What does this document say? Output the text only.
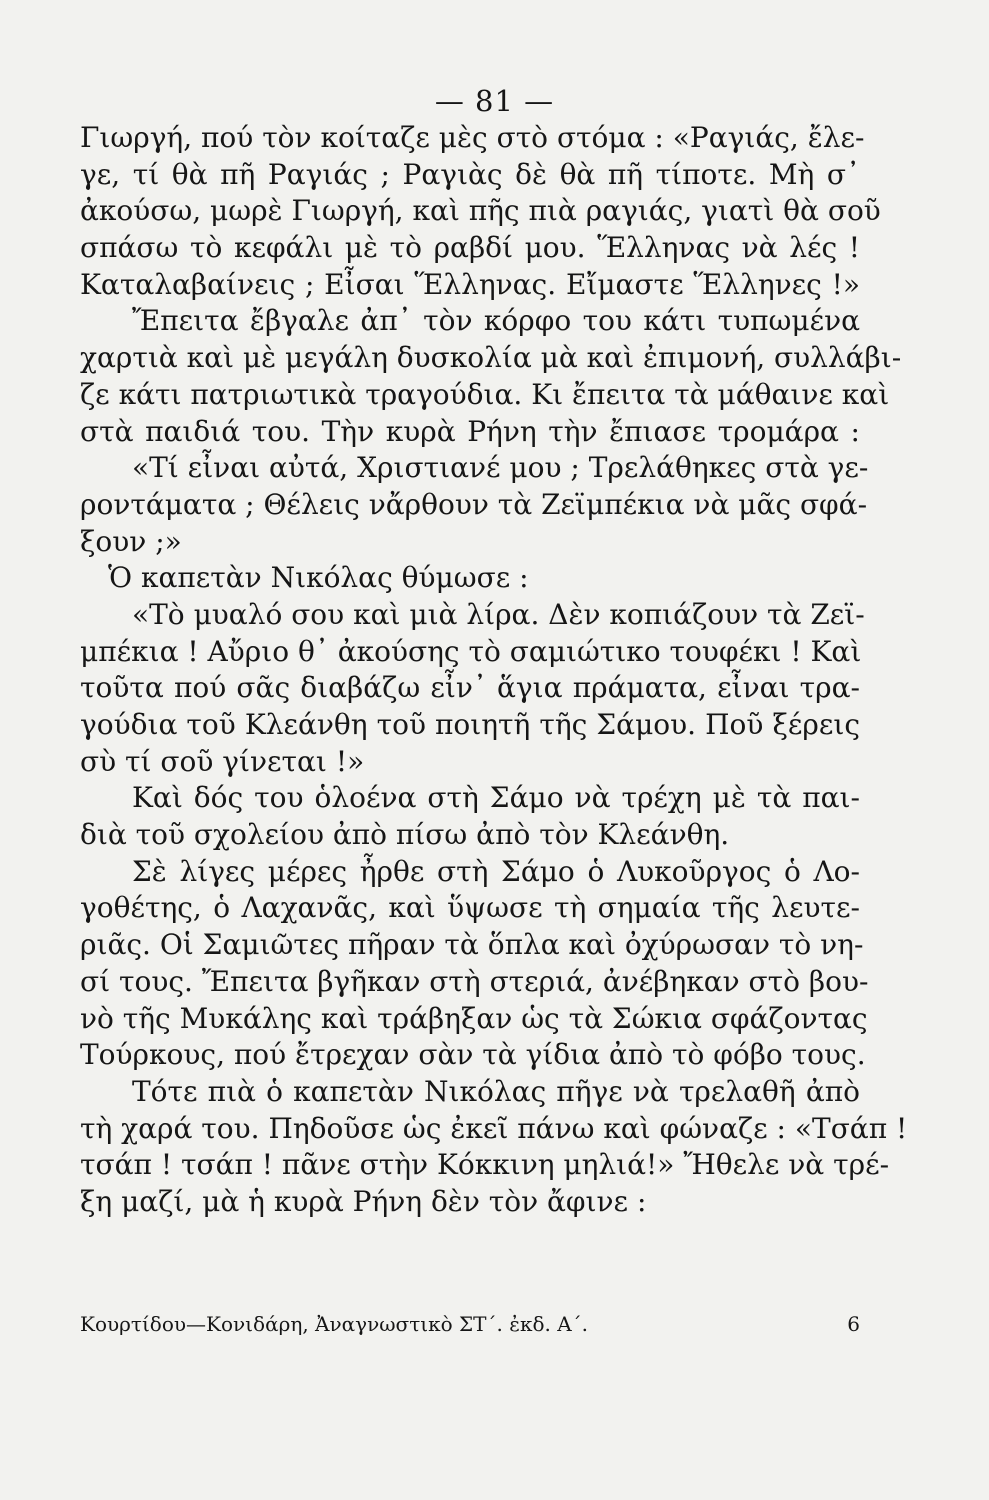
— 81 —
Γιωργή, πού τὸν κοίταζε μὲς στὸ στόμα : «Ραγιάς, ἔλε-
γε, τί θὰ πῆ Ραγιάς ; Ραγιὰς δὲ θὰ πῆ τίποτε. Μὴ σ᾽
ἀκούσω, μωρὲ Γιωργή, καὶ πῆς πιὰ ραγιάς, γιατὶ θὰ σοῦ
σπάσω τὸ κεφάλι μὲ τὸ ραβδί μου. Ἕλληνας νὰ λές !
Καταλαβαίνεις ; Εἶσαι Ἕλληνας. Εἴμαστε Ἕλληνες !»
Ἔπειτα ἔβγαλε ἀπ᾽ τὸν κόρφο του κάτι τυπωμένα
χαρτιὰ καὶ μὲ μεγάλη δυσκολία μὰ καὶ ἐπιμονή, συλλάβι-
ζε κάτι πατριωτικὰ τραγούδια. Κι ἔπειτα τὰ μάθαινε καὶ
στὰ παιδιά του. Τὴν κυρὰ Ρήνη τὴν ἔπιασε τρομάρα :
«Τί εἶναι αὐτά, Χριστιανέ μου ; Τρελάθηκες στὰ γε-
ροντάματα ; Θέλεις νἄρθουν τὰ Ζεϊμπέκια νὰ μᾶς σφά-
ξουν ;»
Ὁ καπετὰν Νικόλας θύμωσε :
«Τὸ μυαλό σου καὶ μιὰ λίρα. Δὲν κοπιάζουν τὰ Ζεϊ-
μπέκια ! Αὔριο θ᾽ ἀκούσης τὸ σαμιώτικο τουφέκι ! Καὶ
τοῦτα πού σᾶς διαβάζω εἶν᾽ ἅγια πράματα, εἶναι τρα-
γούδια τοῦ Κλεάνθη τοῦ ποιητῆ τῆς Σάμου. Ποῦ ξέρεις
σὺ τί σοῦ γίνεται !»
Καὶ δός του ὁλοένα στὴ Σάμο νὰ τρέχη μὲ τὰ παι-
διὰ τοῦ σχολείου ἀπὸ πίσω ἀπὸ τὸν Κλεάνθη.
Σὲ λίγες μέρες ἦρθε στὴ Σάμο ὁ Λυκοῦργος ὁ Λο-
γοθέτης, ὁ Λαχανᾶς, καὶ ὕψωσε τὴ σημαία τῆς λευτε-
ριᾶς. Οἱ Σαμιῶτες πῆραν τὰ ὅπλα καὶ ὀχύρωσαν τὸ νη-
σί τους. Ἔπειτα βγῆκαν στὴ στεριά, ἀνέβηκαν στὸ βου-
νὸ τῆς Μυκάλης καὶ τράβηξαν ὡς τὰ Σώκια σφάζοντας
Τούρκους, πού ἔτρεχαν σὰν τὰ γίδια ἀπὸ τὸ φόβο τους.
Τότε πιὰ ὁ καπετὰν Νικόλας πῆγε νὰ τρελαθῆ ἀπὸ
τὴ χαρά του. Πηδοῦσε ὡς ἐκεῖ πάνω καὶ φώναζε : «Τσάπ !
τσάπ ! τσάπ ! πᾶνε στὴν Κόκκινη μηλιά!» Ἤθελε νὰ τρέ-
ξη μαζί, μὰ ἡ κυρὰ Ρήνη δὲν τὸν ἄφινε :
Κουρτίδου—Κονιδάρη, Ἀναγνωστικὸ ΣΤ΄. ἐκδ. Α΄.	6
